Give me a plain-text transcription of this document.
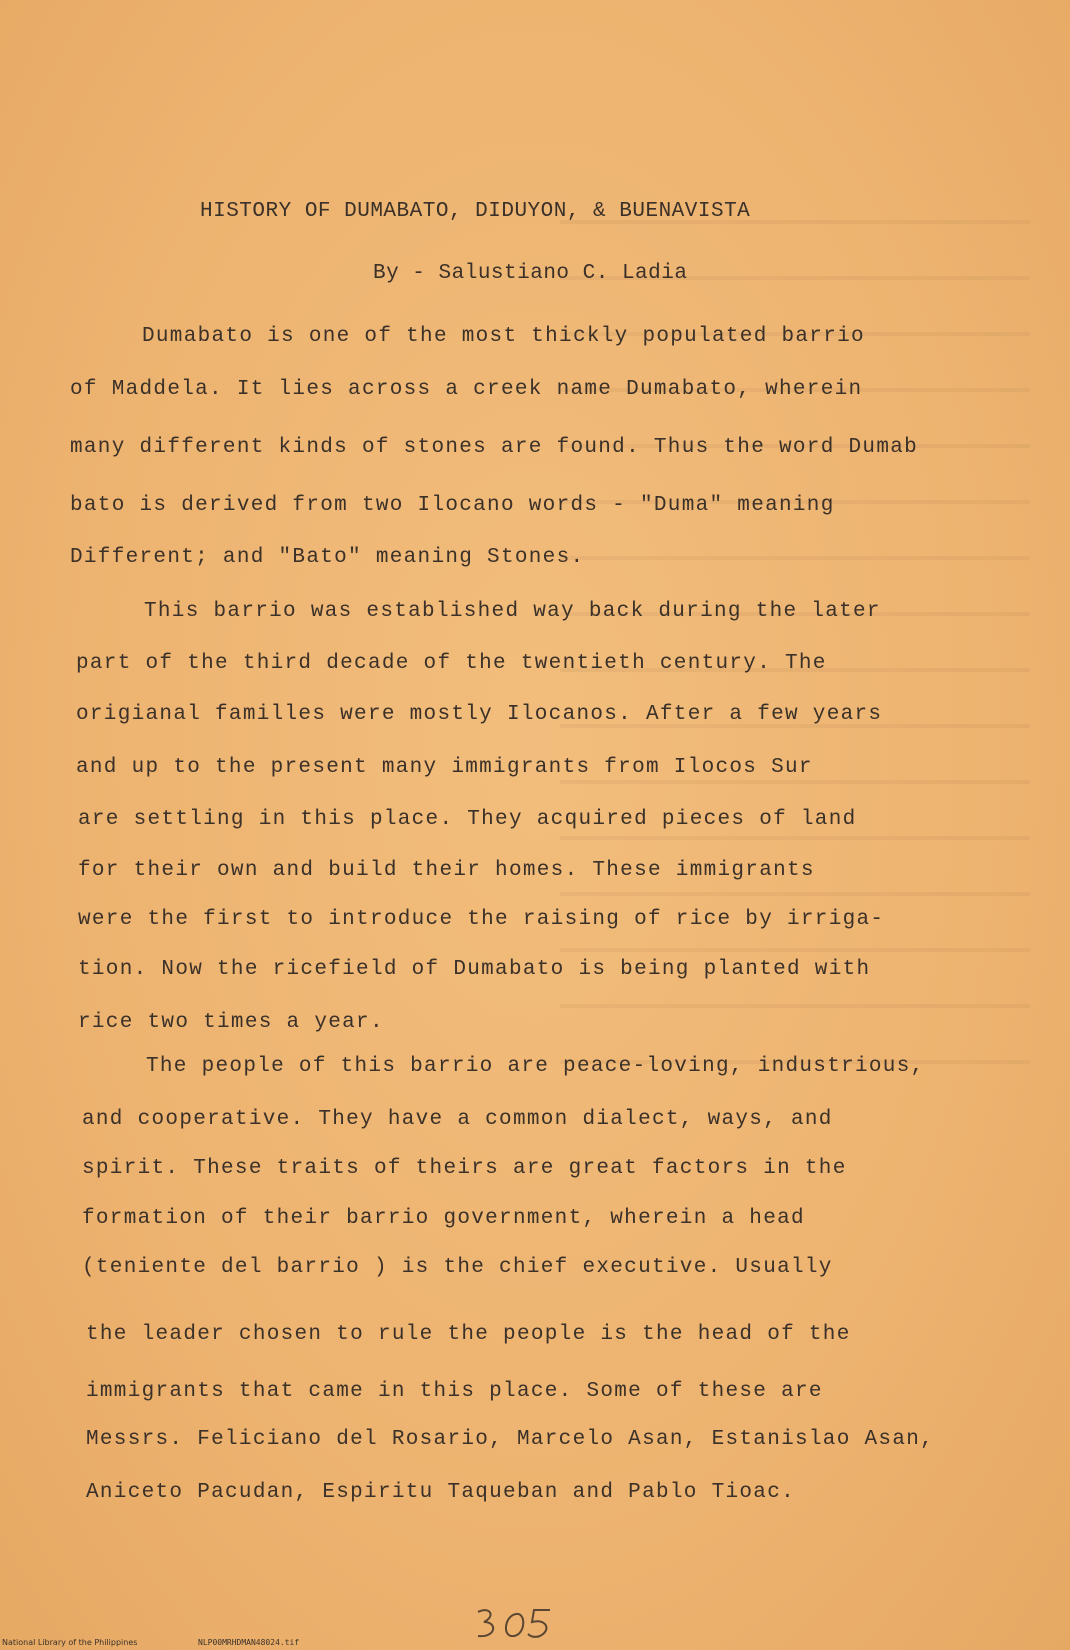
HISTORY OF DUMABATO, DIDUYON, & BUENAVISTA
By - Salustiano C. Ladia
Dumabato is one of the most thickly populated barrio
of Maddela. It lies across a creek name Dumabato, wherein
many different kinds of stones are found. Thus the word Dumab
bato is derived from two Ilocano words - "Duma" meaning
Different; and "Bato" meaning Stones.
This barrio was established way back during the later
part of the third decade of the twentieth century. The
origianal familles were mostly Ilocanos. After a few years
and up to the present many immigrants from Ilocos Sur
are settling in this place. They acquired pieces of land
for their own and build their homes. These immigrants
were the first to introduce the raising of rice by irriga-
tion. Now the ricefield of Dumabato is being planted with
rice two times a year.
The people of this barrio are peace-loving, industrious,
and cooperative. They have a common dialect, ways, and
spirit. These traits of theirs are great factors in the
formation of their barrio government, wherein a head
(teniente del barrio ) is the chief executive. Usually
the leader chosen to rule the people is the head of the
immigrants that came in this place. Some of these are
Messrs. Feliciano del Rosario, Marcelo Asan, Estanislao Asan,
Aniceto Pacudan, Espiritu Taqueban and Pablo Tioac.
National Library of the Philippines	NLP00MRHDMAN48024.tif
